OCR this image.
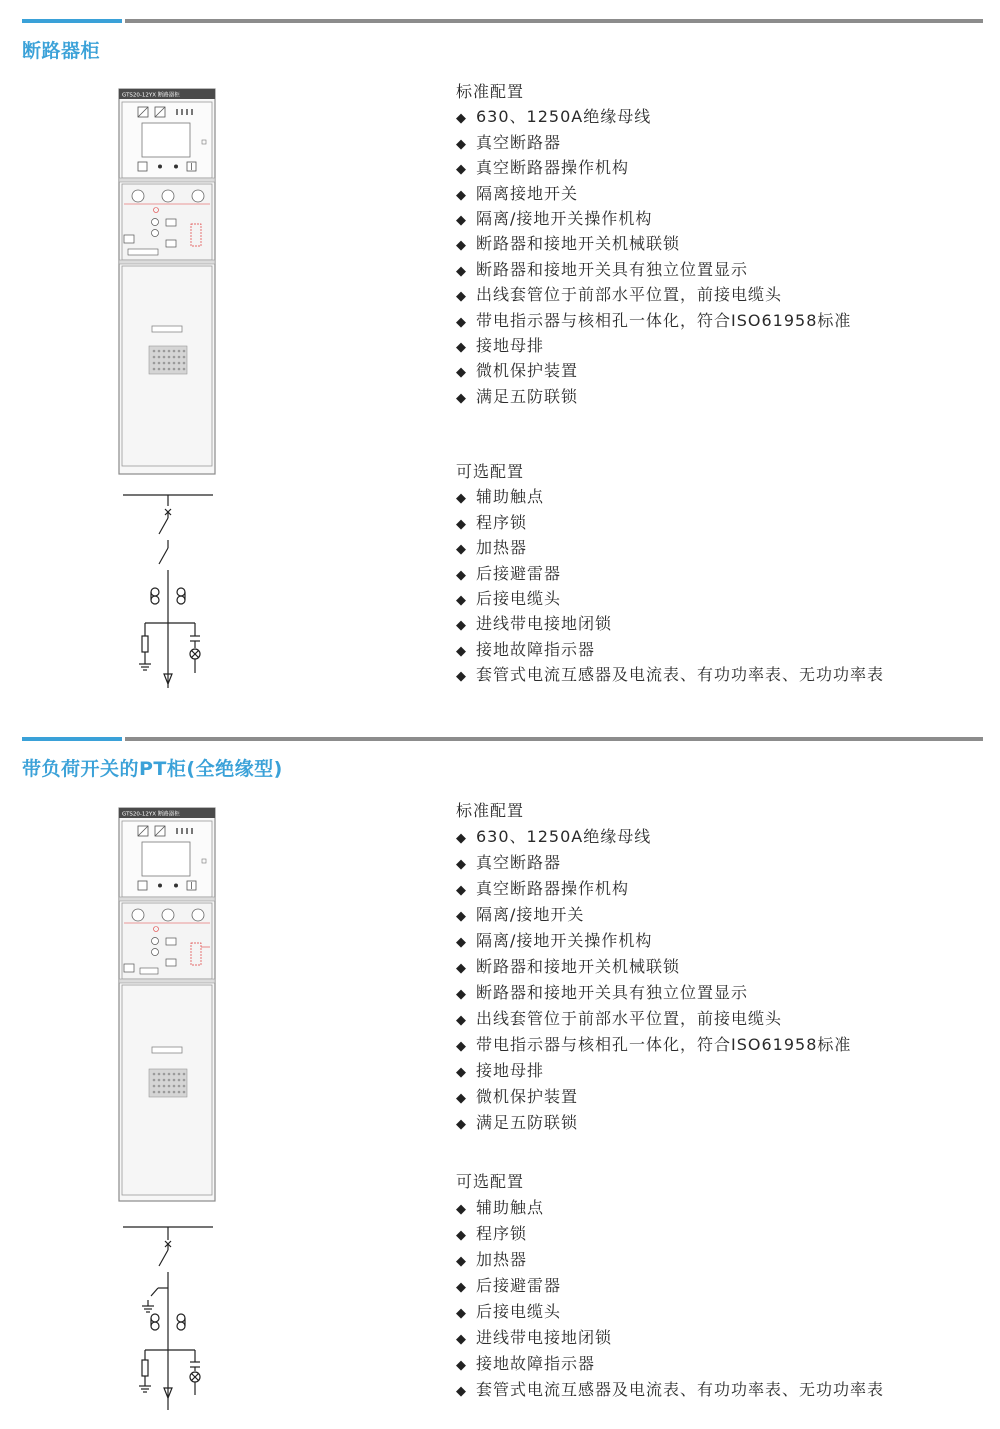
断路器柜
GTS20-12YX 断路器柜	标准配置
◆ 630、1250A绝缘母线
◆ 真空断路器
◆ 真空断路器操作机构
◆ 隔离接地开关
◆ 隔离/接地开关操作机构
◆ 断路器和接地开关机械联锁
◆ 断路器和接地开关具有独立位置显示
◆ 出线套管位于前部水平位置，前接电缆头
◆ 带电指示器与核相孔一体化，符合ISO61958标准
◆ 接地母排
◆ 微机保护装置
◆ 满足五防联锁
可选配置
◆ 辅助触点
◆ 程序锁
◆ 加热器
◆ 后接避雷器
◆ 后接电缆头
◆ 进线带电接地闭锁
◆ 接地故障指示器
◆ 套管式电流互感器及电流表、有功功率表、无功功率表
带负荷开关的PT柜(全绝缘型)
GTS20-12YX 断路器柜	标准配置
◆ 630、1250A绝缘母线
◆ 真空断路器
◆ 真空断路器操作机构
◆ 隔离/接地开关
◆ 隔离/接地开关操作机构
◆ 断路器和接地开关机械联锁
◆ 断路器和接地开关具有独立位置显示
◆ 出线套管位于前部水平位置，前接电缆头
◆ 带电指示器与核相孔一体化，符合ISO61958标准
◆ 接地母排
◆ 微机保护装置
◆ 满足五防联锁
可选配置
◆ 辅助触点
◆ 程序锁
◆ 加热器
◆ 后接避雷器
◆ 后接电缆头
◆ 进线带电接地闭锁
◆ 接地故障指示器
◆ 套管式电流互感器及电流表、有功功率表、无功功率表
